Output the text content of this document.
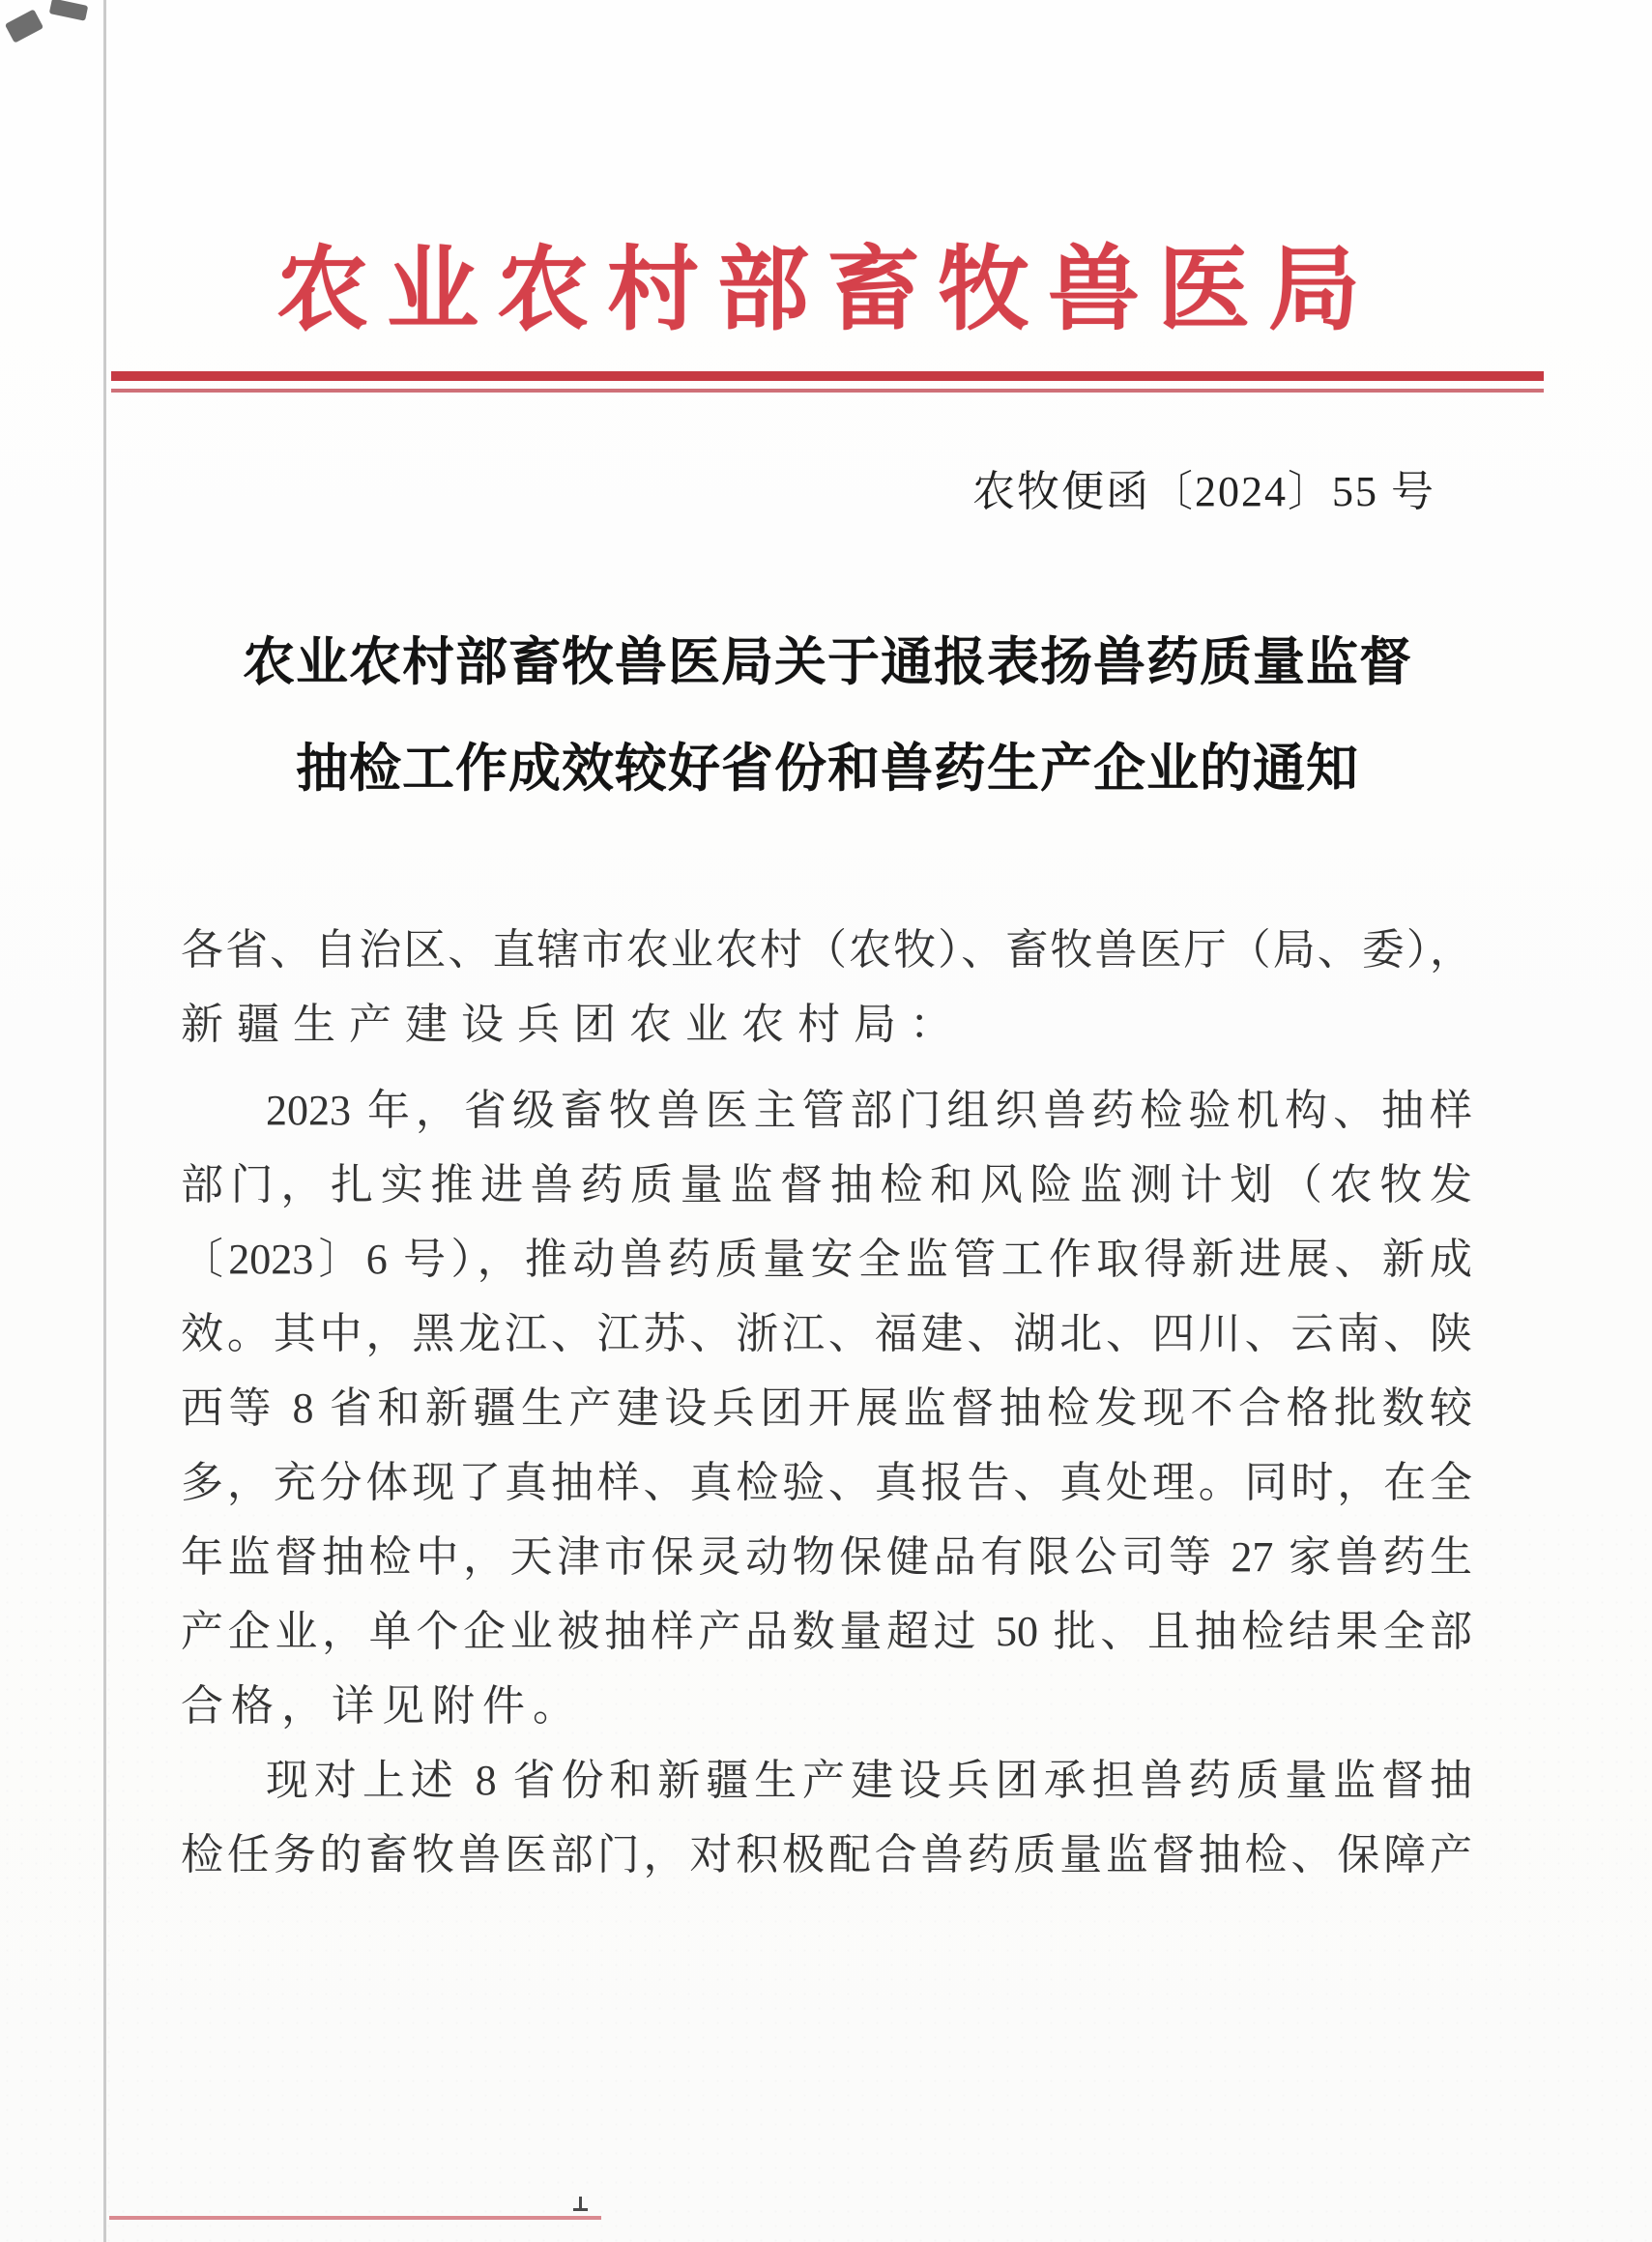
农业农村部畜牧兽医局
农牧便函〔2024〕55 号
农业农村部畜牧兽医局关于通报表扬兽药质量监督
抽检工作成效较好省份和兽药生产企业的通知
各省、自治区、直辖市农业农村（农牧）、畜牧兽医厅（局、委），
新疆生产建设兵团农业农村局：
2023 年，省级畜牧兽医主管部门组织兽药检验机构、抽样
部门，扎实推进兽药质量监督抽检和风险监测计划（农牧发
〔2023〕6 号），推动兽药质量安全监管工作取得新进展、新成
效。其中，黑龙江、江苏、浙江、福建、湖北、四川、云南、陕
西等 8 省和新疆生产建设兵团开展监督抽检发现不合格批数较
多，充分体现了真抽样、真检验、真报告、真处理。同时，在全
年监督抽检中，天津市保灵动物保健品有限公司等 27 家兽药生
产企业，单个企业被抽样产品数量超过 50 批、且抽检结果全部
合格，详见附件。
现对上述 8 省份和新疆生产建设兵团承担兽药质量监督抽
检任务的畜牧兽医部门，对积极配合兽药质量监督抽检、保障产
